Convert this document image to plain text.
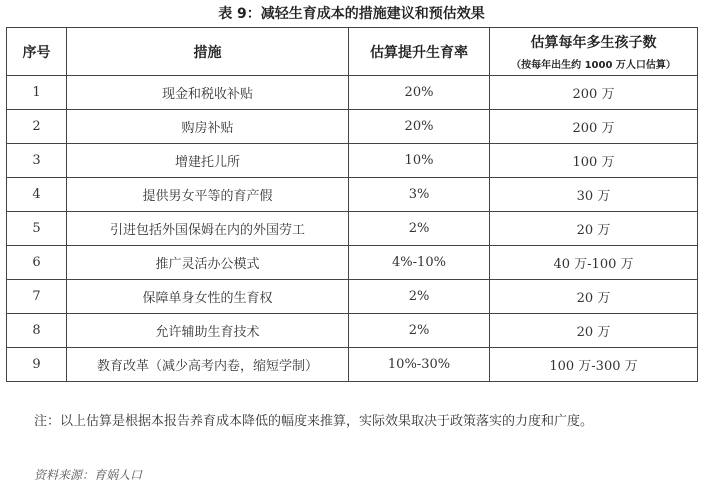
表 9：减轻生育成本的措施建议和预估效果
序号	措施	估算提升生育率	估算每年多生孩子数
（按每年出生约 1000 万人口估算）

1	现金和税收补贴	20%	200 万
2	购房补贴	20%	200 万
3	增建托儿所	10%	100 万
4	提供男女平等的育产假	3%	30 万
5	引进包括外国保姆在内的外国劳工	2%	20 万
6	推广灵活办公模式	4%-10%	40 万-100 万
7	保障单身女性的生育权	2%	20 万
8	允许辅助生育技术	2%	20 万
9	教育改革（减少高考内卷，缩短学制）	10%-30%	100 万-300 万
注：以上估算是根据本报告养育成本降低的幅度来推算，实际效果取决于政策落实的力度和广度。
资料来源：育娲人口
